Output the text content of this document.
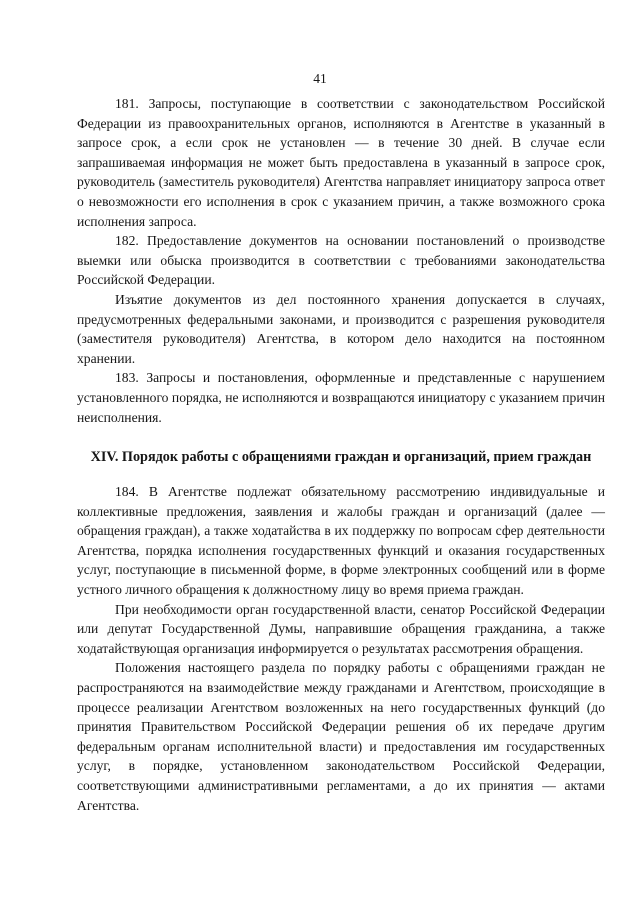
41

181. Запросы, поступающие в соответствии с законодательством Российской Федерации из правоохранительных органов, исполняются в Агентстве в указанный в запросе срок, а если срок не установлен — в течение 30 дней. В случае если запрашиваемая информация не может быть предоставлена в указанный в запросе срок, руководитель (заместитель руководителя) Агентства направляет инициатору запроса ответ о невозможности его исполнения в срок с указанием причин, а также возможного срока исполнения запроса.

182. Предоставление документов на основании постановлений о производстве выемки или обыска производится в соответствии с требованиями законодательства Российской Федерации.

Изъятие документов из дел постоянного хранения допускается в случаях, предусмотренных федеральными законами, и производится с разрешения руководителя (заместителя руководителя) Агентства, в котором дело находится на постоянном хранении.

183. Запросы и постановления, оформленные и представленные с нарушением установленного порядка, не исполняются и возвращаются инициатору с указанием причин неисполнения.

XIV. Порядок работы с обращениями граждан и организаций, прием граждан

184. В Агентстве подлежат обязательному рассмотрению индивидуальные и коллективные предложения, заявления и жалобы граждан и организаций (далее — обращения граждан), а также ходатайства в их поддержку по вопросам сфер деятельности Агентства, порядка исполнения государственных функций и оказания государственных услуг, поступающие в письменной форме, в форме электронных сообщений или в форме устного личного обращения к должностному лицу во время приема граждан.

При необходимости орган государственной власти, сенатор Российской Федерации или депутат Государственной Думы, направившие обращения гражданина, а также ходатайствующая организация информируется о результатах рассмотрения обращения.

Положения настоящего раздела по порядку работы с обращениями граждан не распространяются на взаимодействие между гражданами и Агентством, происходящие в процессе реализации Агентством возложенных на него государственных функций (до принятия Правительством Российской Федерации решения об их передаче другим федеральным органам исполнительной власти) и предоставления им государственных услуг, в порядке, установленном законодательством Российской Федерации, соответствующими административными регламентами, а до их принятия — актами Агентства.
